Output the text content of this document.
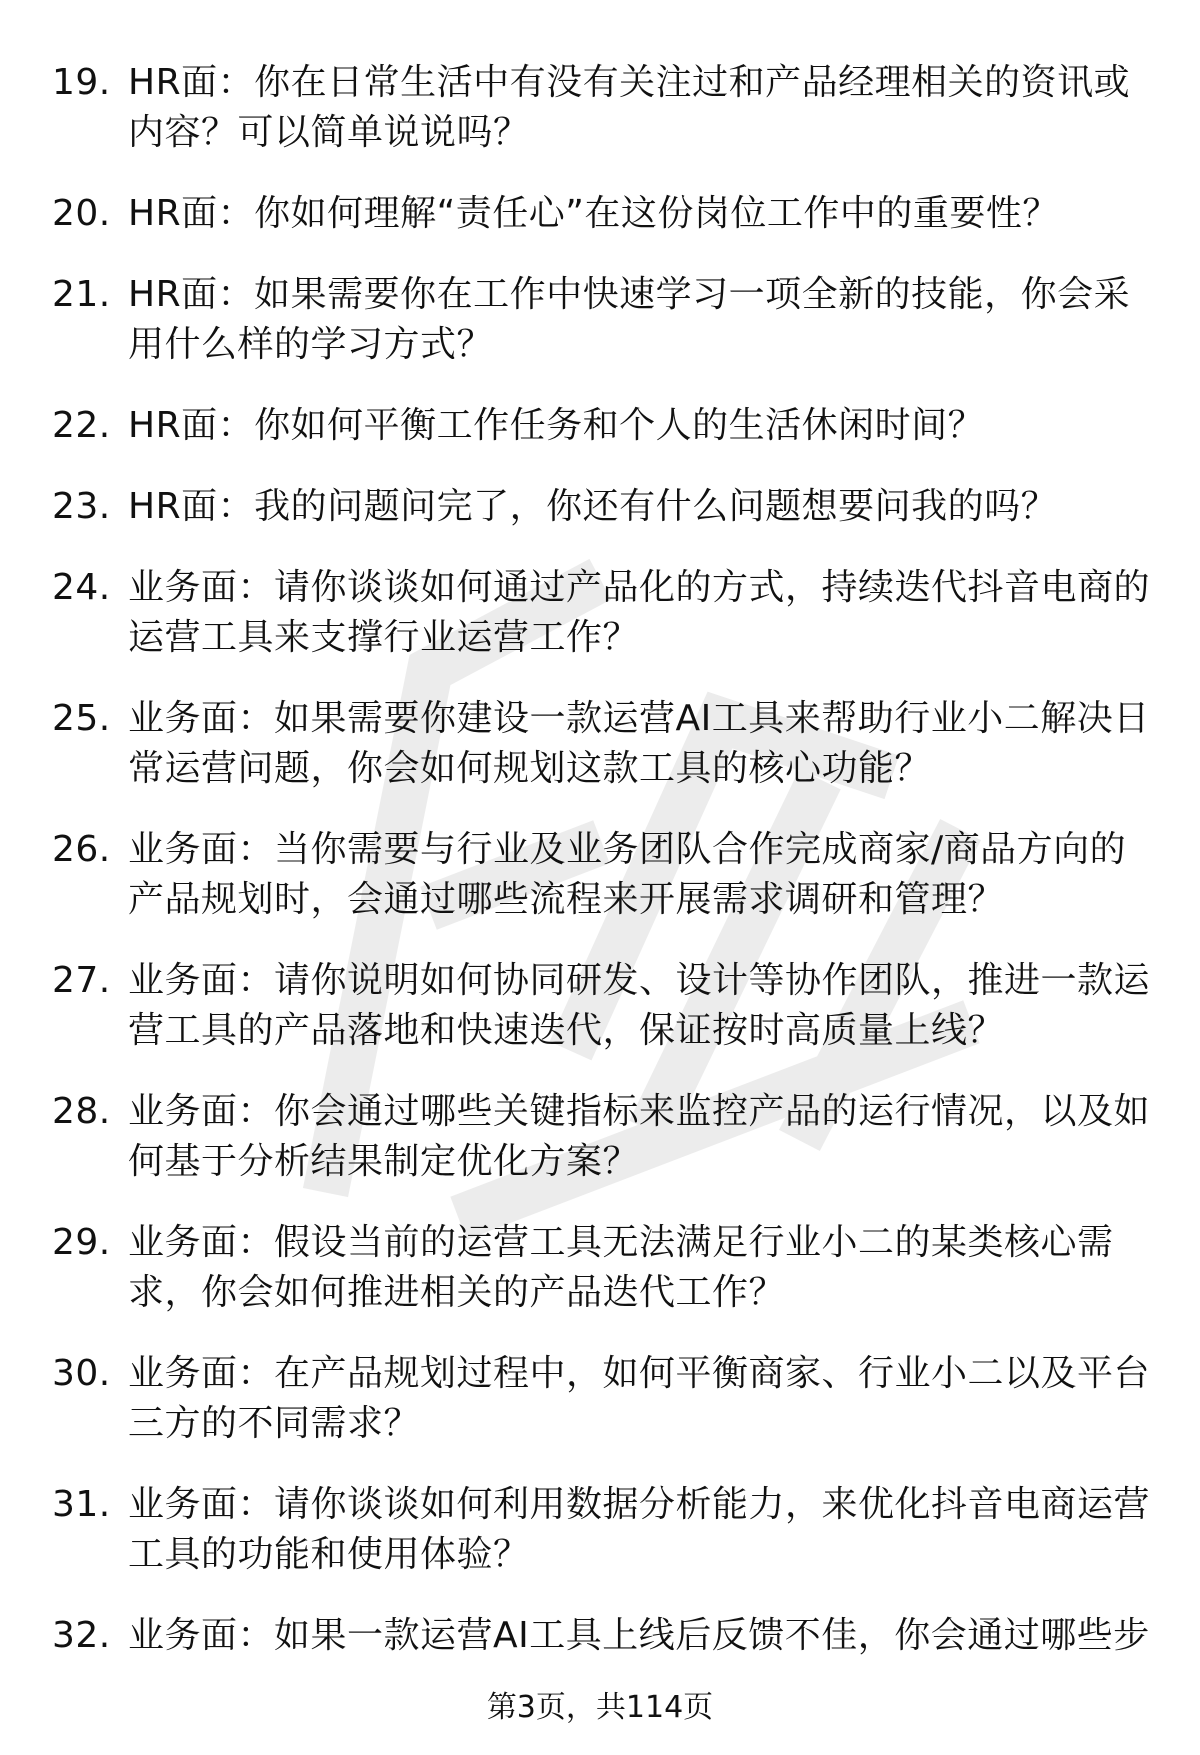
19. HR面：你在日常生活中有没有关注过和产品经理相关的资讯或内容？可以简单说说吗？
20. HR面：你如何理解“责任心”在这份岗位工作中的重要性？
21. HR面：如果需要你在工作中快速学习一项全新的技能，你会采用什么样的学习方式？
22. HR面：你如何平衡工作任务和个人的生活休闲时间？
23. HR面：我的问题问完了，你还有什么问题想要问我的吗？
24. 业务面：请你谈谈如何通过产品化的方式，持续迭代抖音电商的运营工具来支撑行业运营工作？
25. 业务面：如果需要你建设一款运营AI工具来帮助行业小二解决日常运营问题，你会如何规划这款工具的核心功能？
26. 业务面：当你需要与行业及业务团队合作完成商家/商品方向的产品规划时，会通过哪些流程来开展需求调研和管理？
27. 业务面：请你说明如何协同研发、设计等协作团队，推进一款运营工具的产品落地和快速迭代，保证按时高质量上线？
28. 业务面：你会通过哪些关键指标来监控产品的运行情况，以及如何基于分析结果制定优化方案？
29. 业务面：假设当前的运营工具无法满足行业小二的某类核心需求，你会如何推进相关的产品迭代工作？
30. 业务面：在产品规划过程中，如何平衡商家、行业小二以及平台三方的不同需求？
31. 业务面：请你谈谈如何利用数据分析能力，来优化抖音电商运营工具的功能和使用体验？
32. 业务面：如果一款运营AI工具上线后反馈不佳，你会通过哪些步
第3页，共114页
